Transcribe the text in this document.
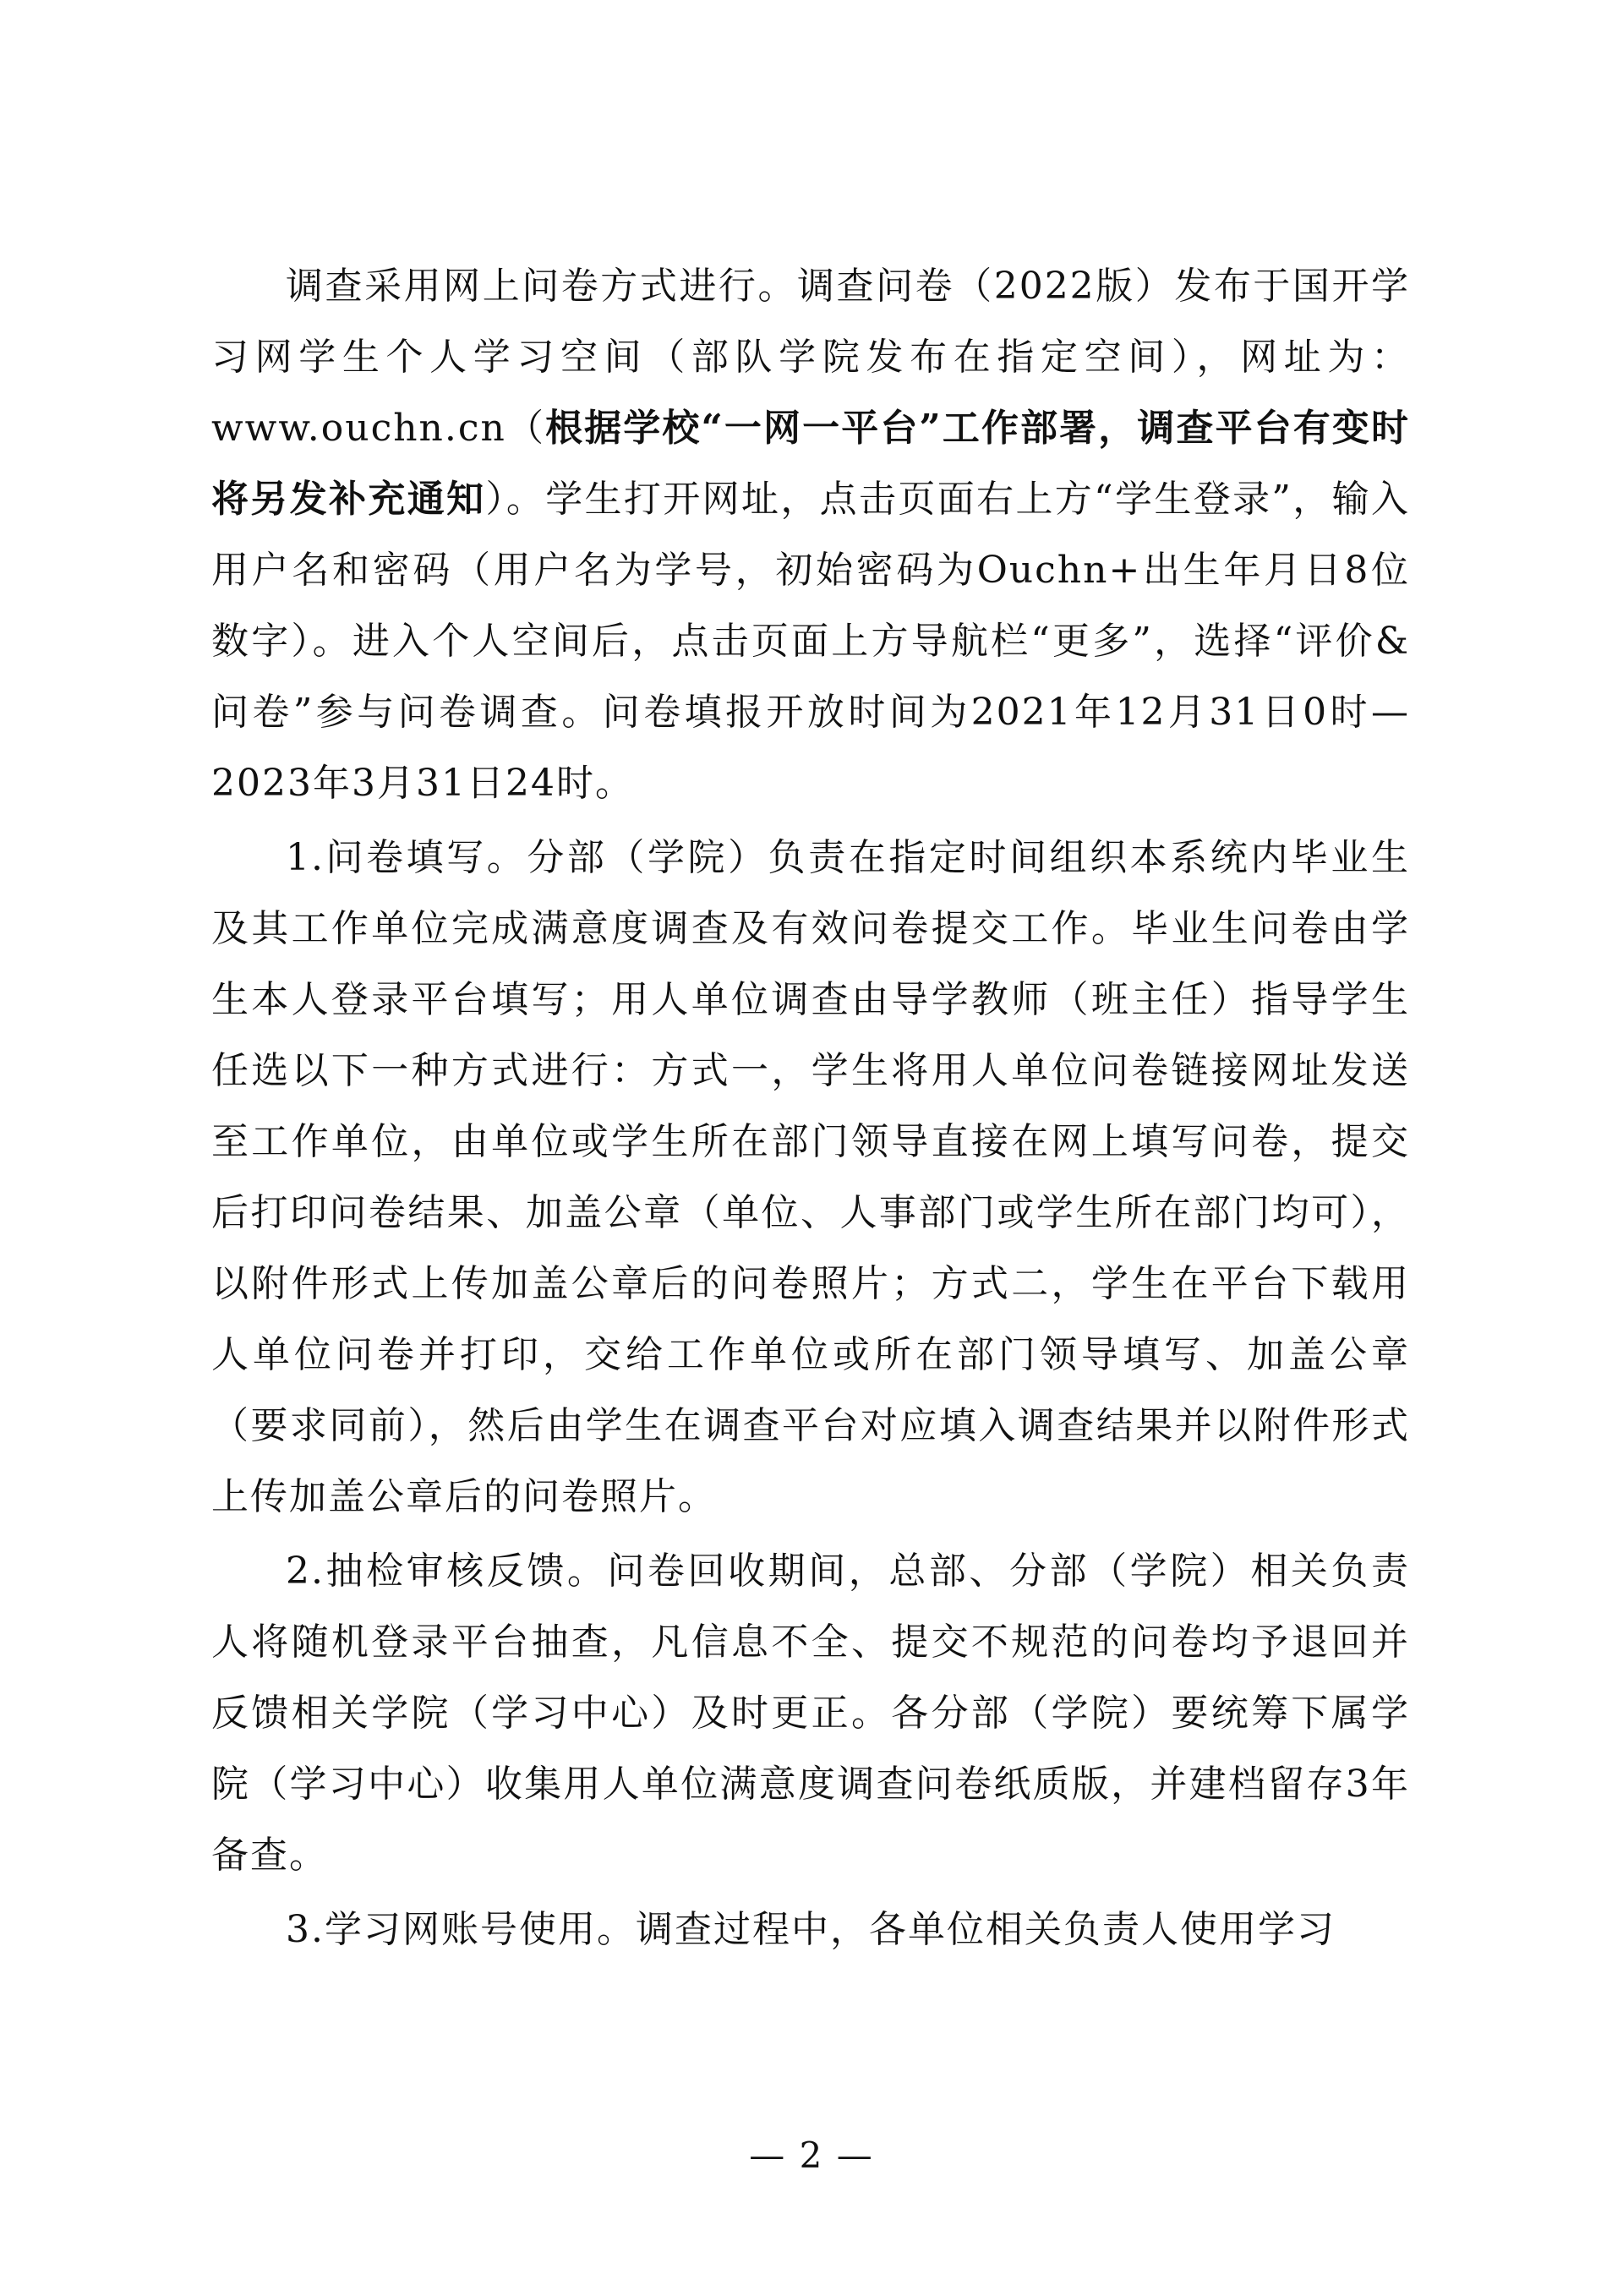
调查采用网上问卷方式进行。调查问卷（2022版）发布于国开学习网学生个人学习空间（部队学院发布在指定空间），网址为：www.ouchn.cn（根据学校“一网一平台”工作部署，调查平台有变时将另发补充通知）。学生打开网址，点击页面右上方“学生登录”，输入用户名和密码（用户名为学号，初始密码为Ouchn+出生年月日8位数字）。进入个人空间后，点击页面上方导航栏“更多”，选择“评价&问卷”参与问卷调查。问卷填报开放时间为2021年12月31日0时—2023年3月31日24时。

1.问卷填写。分部（学院）负责在指定时间组织本系统内毕业生及其工作单位完成满意度调查及有效问卷提交工作。毕业生问卷由学生本人登录平台填写；用人单位调查由导学教师（班主任）指导学生任选以下一种方式进行：方式一，学生将用人单位问卷链接网址发送至工作单位，由单位或学生所在部门领导直接在网上填写问卷，提交后打印问卷结果、加盖公章（单位、人事部门或学生所在部门均可），以附件形式上传加盖公章后的问卷照片；方式二，学生在平台下载用人单位问卷并打印，交给工作单位或所在部门领导填写、加盖公章（要求同前），然后由学生在调查平台对应填入调查结果并以附件形式上传加盖公章后的问卷照片。

2.抽检审核反馈。问卷回收期间，总部、分部（学院）相关负责人将随机登录平台抽查，凡信息不全、提交不规范的问卷均予退回并反馈相关学院（学习中心）及时更正。各分部（学院）要统筹下属学院（学习中心）收集用人单位满意度调查问卷纸质版，并建档留存3年备查。

3.学习网账号使用。调查过程中，各单位相关负责人使用学习

— 2 —
